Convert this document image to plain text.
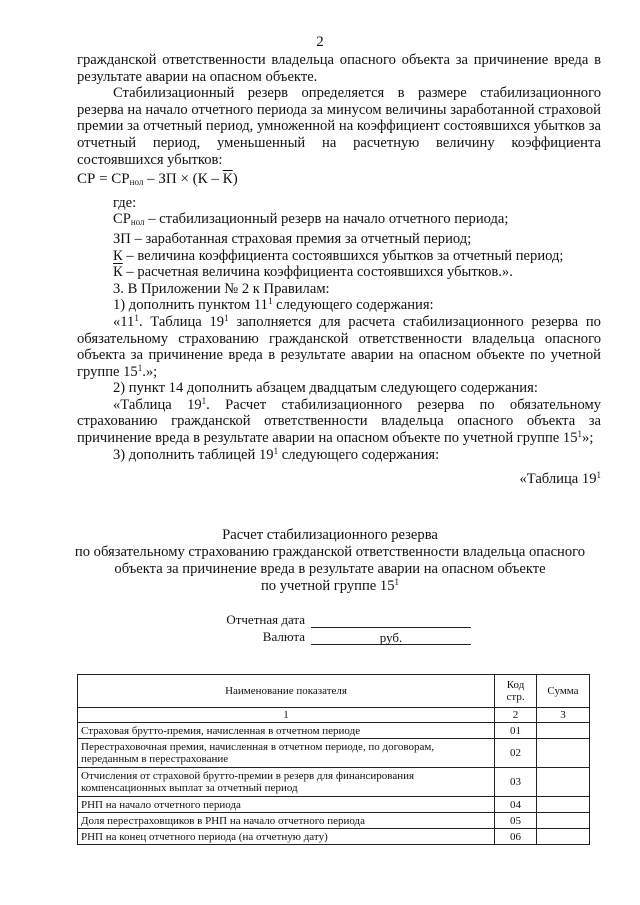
2

гражданской ответственности владельца опасного объекта за причинение вреда в результате аварии на опасном объекте.

Стабилизационный резерв определяется в размере стабилизационного резерва на начало отчетного периода за минусом величины заработанной страховой премии за отчетный период, умноженной на коэффициент состоявшихся убытков за отчетный период, уменьшенный на расчетную величину коэффициента состоявшихся убытков:

СР = $СР_{нол}$ – ЗП × (К – К)

где:

$СР_{нол}$ – стабилизационный резерв на начало отчетного периода;

ЗП – заработанная страховая премия за отчетный период;

К – величина коэффициента состоявшихся убытков за отчетный период;

К – расчетная величина коэффициента состоявшихся убытков.».

3. В Приложении № 2 к Правилам:

1) дополнить пунктом $11^1$ следующего содержания:

«$11^1$. Таблица $19^1$ заполняется для расчета стабилизационного резерва по обязательному страхованию гражданской ответственности владельца опасного объекта за причинение вреда в результате аварии на опасном объекте по учетной группе $15^1$.»;

2) пункт 14 дополнить абзацем двадцатым следующего содержания:

«Таблица $19^1$. Расчет стабилизационного резерва по обязательному страхованию гражданской ответственности владельца опасного объекта за причинение вреда в результате аварии на опасном объекте по учетной группе $15^1$»;

3) дополнить таблицей $19^1$ следующего содержания:

«Таблица $19^1$

Расчет стабилизационного резерва

по обязательному страхованию гражданской ответственности владельца опасного

объекта за причинение вреда в результате аварии на опасном объекте

по учетной группе $15^1$

Отчетная дата
Валюта	руб.
Наименование показателя	Код стр.	Сумма
1	2	3
Страховая брутто-премия, начисленная в отчетном периоде	01	
Перестраховочная премия, начисленная в отчетном периоде, по договорам, переданным в перестрахование	02	
Отчисления от страховой брутто-премии в резерв для финансирования компенсационных выплат за отчетный период	03	
РНП на начало отчетного периода	04	
Доля перестраховщиков в РНП на начало отчетного периода	05	
РНП на конец отчетного периода (на отчетную дату)	06	
